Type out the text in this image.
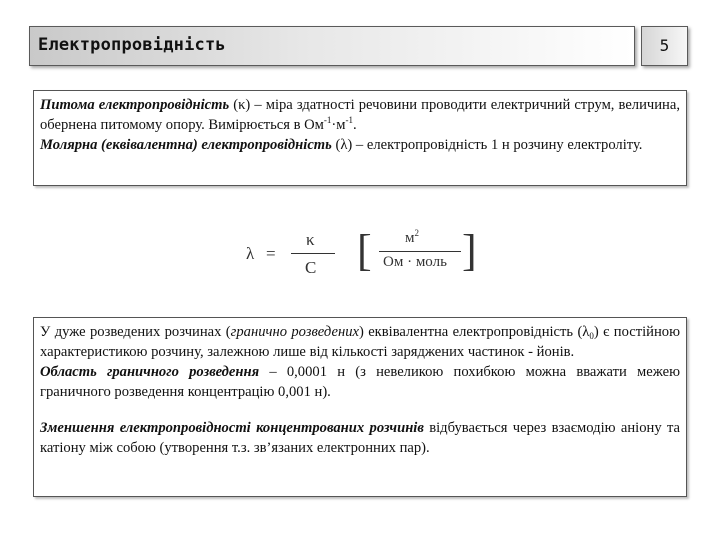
Електропровідність	5

Питома електропровідність (κ) – міра здатності речовини проводити електричний струм, величина, обернена питомому опору. Вимірюється в $Ом^{-1}\cdot м^{-1}$.

Молярна (еквівалентна) електропровідність (λ) – електропровідність 1 н розчину електроліту.

λ =
κ
C [ $м^2$
Ом · моль ]

У дуже розведених розчинах (гранично розведених) еквівалентна електропровідність $(\lambda_0)$ є постійною характеристикою розчину, залежною лише від кількості заряджених частинок - йонів.

Область граничного розведення – 0,0001 н (з невеликою похибкою можна вважати межею граничного розведення концентрацію 0,001 н).

Зменшення електропровідності концентрованих розчинів відбувається через взаємодію аніону та катіону між собою (утворення т.з. зв’язаних електронних пар).
